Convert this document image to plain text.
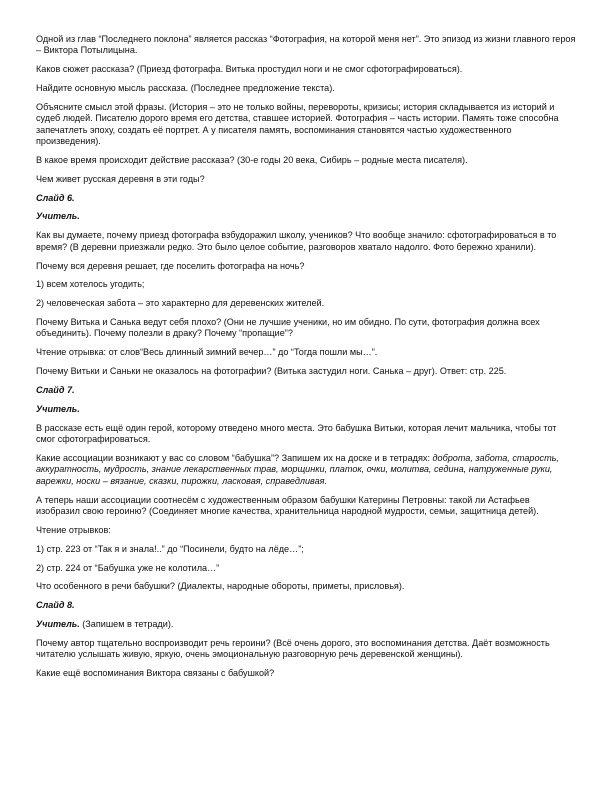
Одной из глав “Последнего поклона” является рассказ “Фотография, на которой меня нет”. Это эпизод из жизни главного героя – Виктора Потылицына.

Каков сюжет рассказа? (Приезд фотографа. Витька простудил ноги и не смог сфотографироваться).

Найдите основную мысль рассказа. (Последнее предложение текста).

Объясните смысл этой фразы. (История – это не только войны, перевороты, кризисы; история складывается из историй и судеб людей. Писателю дорого время его детства, ставшее историей. Фотография – часть истории. Память тоже способна запечатлеть эпоху, создать её портрет. А у писателя память, воспоминания становятся частью художественного произведения).

В какое время происходит действие рассказа? (30-е годы 20 века, Сибирь – родные места писателя).

Чем живет русская деревня в эти годы?

Слайд 6.

Учитель.

Как вы думаете, почему приезд фотографа взбудоражил школу, учеников? Что вообще значило: сфотографироваться в то время? (В деревни приезжали редко. Это было целое событие, разговоров хватало надолго. Фото бережно хранили).

Почему вся деревня решает, где поселить фотографа на ночь?

1) всем хотелось угодить;

2) человеческая забота – это характерно для деревенских жителей.

Почему Витька и Санька ведут себя плохо? (Они не лучшие ученики, но им обидно. По сути, фотография должна всех объединить). Почему полезли в драку? Почему “пропащие”?

Чтение отрывка: от слов“Весь длинный зимний вечер…” до “Тогда пошли мы…”.

Почему Витьки и Саньки не оказалось на фотографии? (Витька застудил ноги. Санька – друг). Ответ: стр. 225.

Слайд 7.

Учитель.

В рассказе есть ещё один герой, которому отведено много места. Это бабушка Витьки, которая лечит мальчика, чтобы тот смог сфотографироваться.

Какие ассоциации возникают у вас со словом “бабушка”? Запишем их на доске и в тетрадях: доброта, забота, старость, аккуратность, мудрость, знание лекарственных трав, морщинки, платок, очки, молитва, седина, натруженные руки, варежки, носки – вязание, сказки, пирожки, ласковая, справедливая.

А теперь наши ассоциации соотнесём с художественным образом бабушки Катерины Петровны: такой ли Астафьев изобразил свою героиню? (Соединяет многие качества, хранительница народной мудрости, семьи, защитница детей).

Чтение отрывков:

1) стр. 223 от “Так я и знала!..” до “Посинели, будто на лёде…”;

2) стр. 224 от “Бабушка уже не колотила…”

Что особенного в речи бабушки? (Диалекты, народные обороты, приметы, присловья).

Слайд 8.

Учитель. (Запишем в тетради).

Почему автор тщательно воспроизводит речь героини? (Всё очень дорого, это воспоминания детства. Даёт возможность читателю услышать живую, яркую, очень эмоциональную разговорную речь деревенской женщины).

Какие ещё воспоминания Виктора связаны с бабушкой?
